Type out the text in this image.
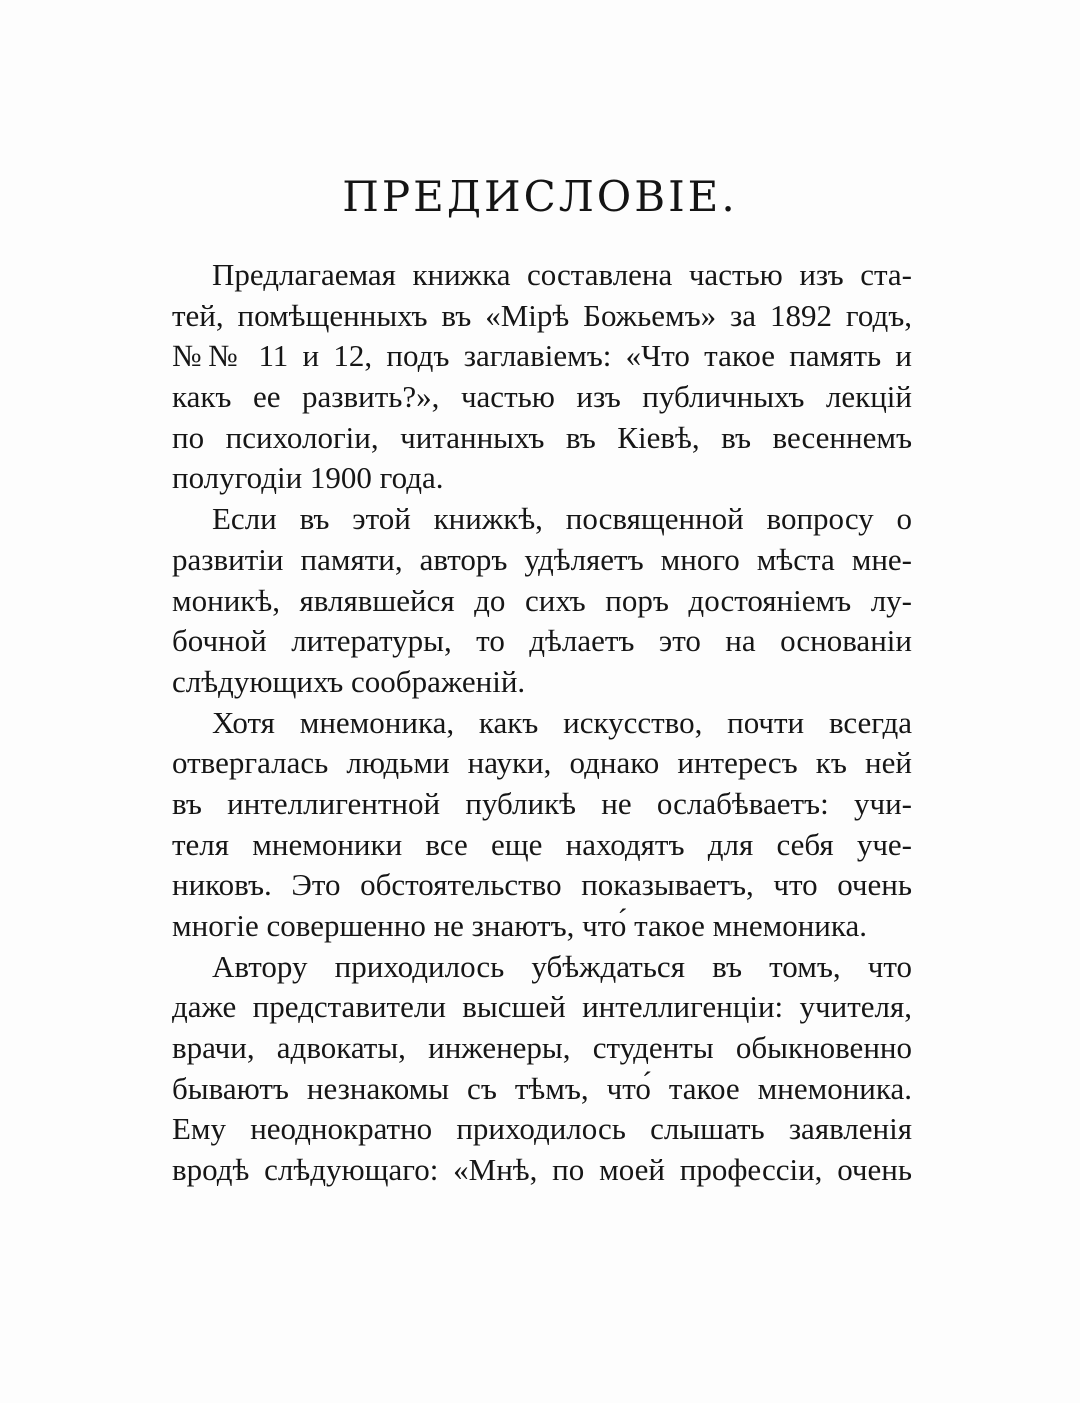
ПРЕДИСЛОВІЕ.
Предлагаемая книжка составлена частью изъ ста-
тей, помѣщенныхъ въ «Мірѣ Божьемъ» за 1892 годъ,
№№ 11 и 12, подъ заглавіемъ: «Что такое память и
какъ ее развить?», частью изъ публичныхъ лекцій
по психологіи, читанныхъ въ Кіевѣ, въ весеннемъ
полугодіи 1900 года.
Если въ этой книжкѣ, посвященной вопросу о
развитіи памяти, авторъ удѣляетъ много мѣста мне-
моникѣ, являвшейся до сихъ поръ достояніемъ лу-
бочной литературы, то дѣлаетъ это на основаніи
слѣдующихъ соображеній.
Хотя мнемоника, какъ искусство, почти всегда
отвергалась людьми науки, однако интересъ къ ней
въ интеллигентной публикѣ не ослабѣваетъ: учи-
теля мнемоники все еще находятъ для себя уче-
никовъ. Это обстоятельство показываетъ, что очень
многіе совершенно не знаютъ, что́ такое мнемоника.
Автору приходилось убѣждаться въ томъ, что
даже представители высшей интеллигенціи: учителя,
врачи, адвокаты, инженеры, студенты обыкновенно
бываютъ незнакомы съ тѣмъ, что́ такое мнемоника.
Ему неоднократно приходилось слышать заявленія
вродѣ слѣдующаго: «Мнѣ, по моей профессіи, очень
